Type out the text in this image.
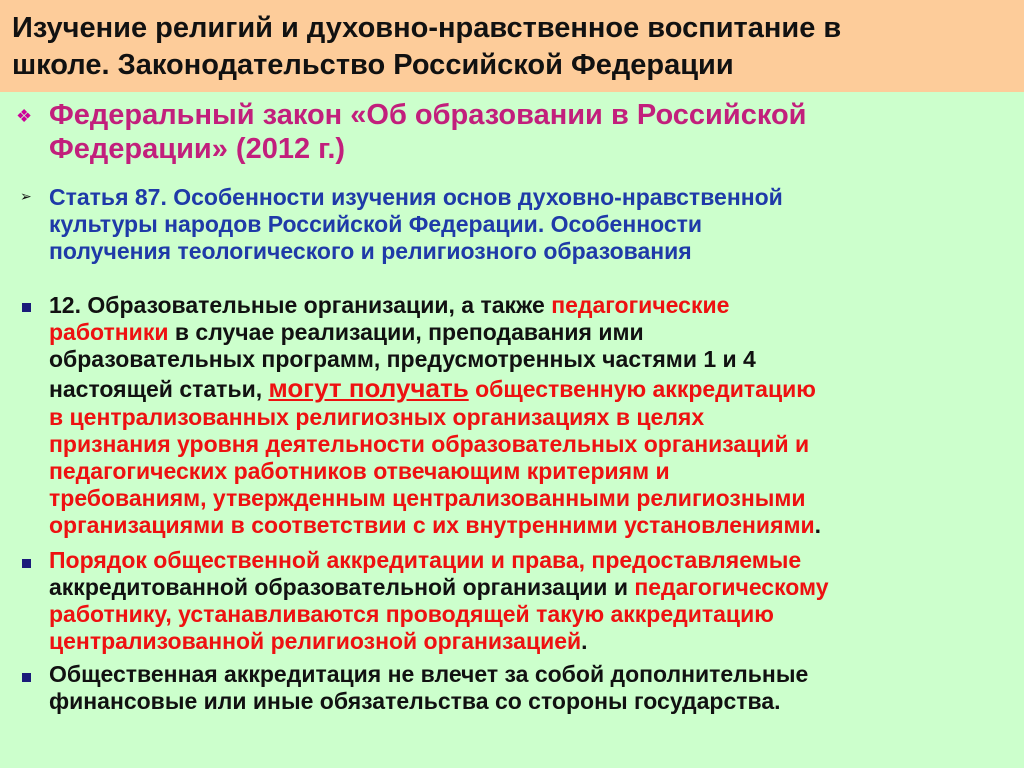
Изучение религий и духовно-нравственное воспитание в
школе. Законодательство Российской Федерации
❖ Федеральный закон «Об образовании в Российской
Федерации» (2012 г.)
➢ Статья 87. Особенности изучения основ духовно-нравственной
культуры народов Российской Федерации. Особенности
получения теологического и религиозного образования
12. Образовательные организации, а также педагогические
работники в случае реализации, преподавания ими
образовательных программ, предусмотренных частями 1 и 4
настоящей статьи, могут получать общественную аккредитацию
в централизованных религиозных организациях в целях
признания уровня деятельности образовательных организаций и
педагогических работников отвечающим критериям и
требованиям, утвержденным централизованными религиозными
организациями в соответствии с их внутренними установлениями.
Порядок общественной аккредитации и права, предоставляемые
аккредитованной образовательной организации и педагогическому
работнику, устанавливаются проводящей такую аккредитацию
централизованной религиозной организацией.
Общественная аккредитация не влечет за собой дополнительные
финансовые или иные обязательства со стороны государства.
